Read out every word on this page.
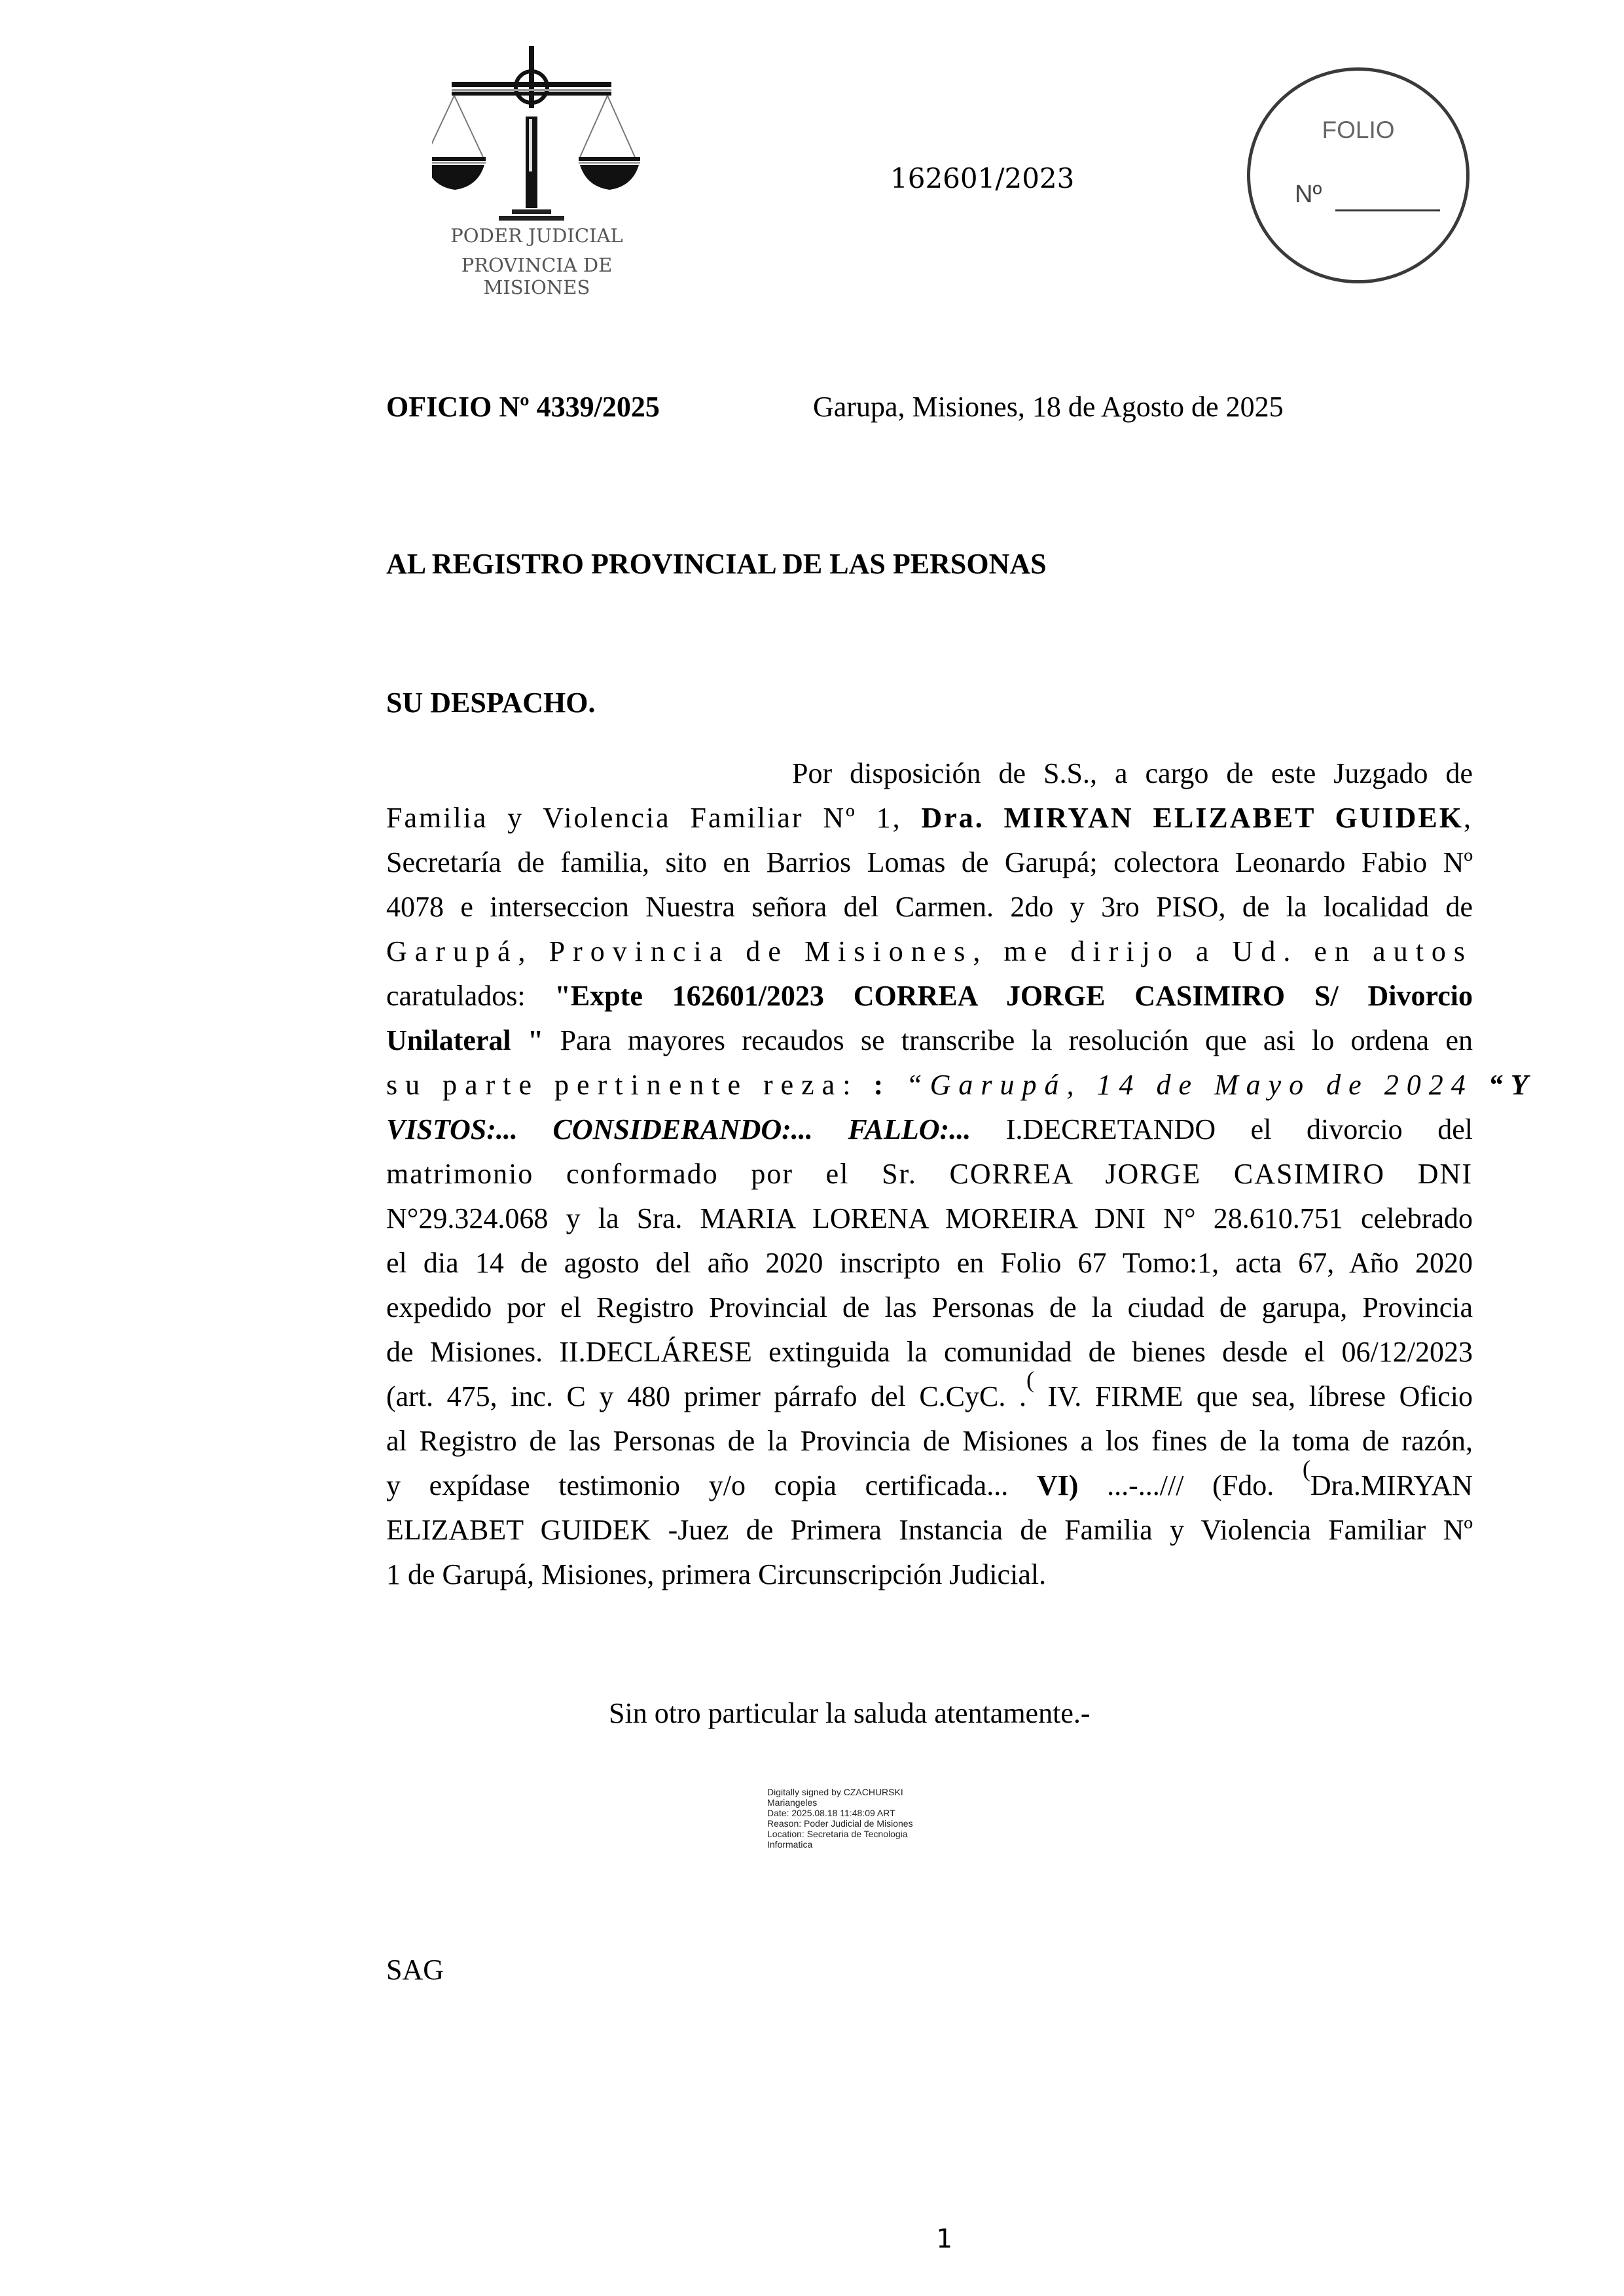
PODER JUDICIAL
PROVINCIA DE MISIONES
162601/2023
FOLIO
Nº
OFICIO Nº 4339/2025	Garupa, Misiones, 18 de Agosto de 2025
AL REGISTRO PROVINCIAL DE LAS PERSONAS
SU DESPACHO.
Por disposición de S.S., a cargo de este Juzgado de
Familia y Violencia Familiar Nº 1, Dra. MIRYAN ELIZABET GUIDEK,
Secretaría de familia, sito en Barrios Lomas de Garupá; colectora Leonardo Fabio Nº
4078 e interseccion Nuestra señora del Carmen. 2do y 3ro PISO, de la localidad de
Garupá, Provincia de Misiones, me dirijo a Ud. en autos
caratulados: "Expte 162601/2023 CORREA JORGE CASIMIRO S/ Divorcio
Unilateral " Para mayores recaudos se transcribe la resolución que asi lo ordena en
su parte pertinente reza: : “Garupá, 14 de Mayo de 2024 “Y
VISTOS:... CONSIDERANDO:... FALLO:... I.DECRETANDO el divorcio del
matrimonio conformado por el Sr. CORREA JORGE CASIMIRO DNI
N°29.324.068 y la Sra. MARIA LORENA MOREIRA DNI N° 28.610.751 celebrado
el dia 14 de agosto del año 2020 inscripto en Folio 67 Tomo:1, acta 67, Año 2020
expedido por el Registro Provincial de las Personas de la ciudad de garupa, Provincia
de Misiones. II.DECLÁRESE extinguida la comunidad de bienes desde el 06/12/2023
(art. 475, inc. C y 480 primer párrafo del C.CyC. .( IV. FIRME que sea, líbrese Oficio
al Registro de las Personas de la Provincia de Misiones a los fines de la toma de razón,
y expídase testimonio y/o copia certificada... VI) ...-.../// (Fdo. (Dra.MIRYAN
ELIZABET GUIDEK -Juez de Primera Instancia de Familia y Violencia Familiar Nº
1 de Garupá, Misiones, primera Circunscripción Judicial.
Sin otro particular la saluda atentamente.-
Digitally signed by CZACHURSKI
Mariangeles
Date: 2025.08.18 11:48:09 ART
Reason: Poder Judicial de Misiones
Location: Secretaria de Tecnologia
Informatica
SAG
1
